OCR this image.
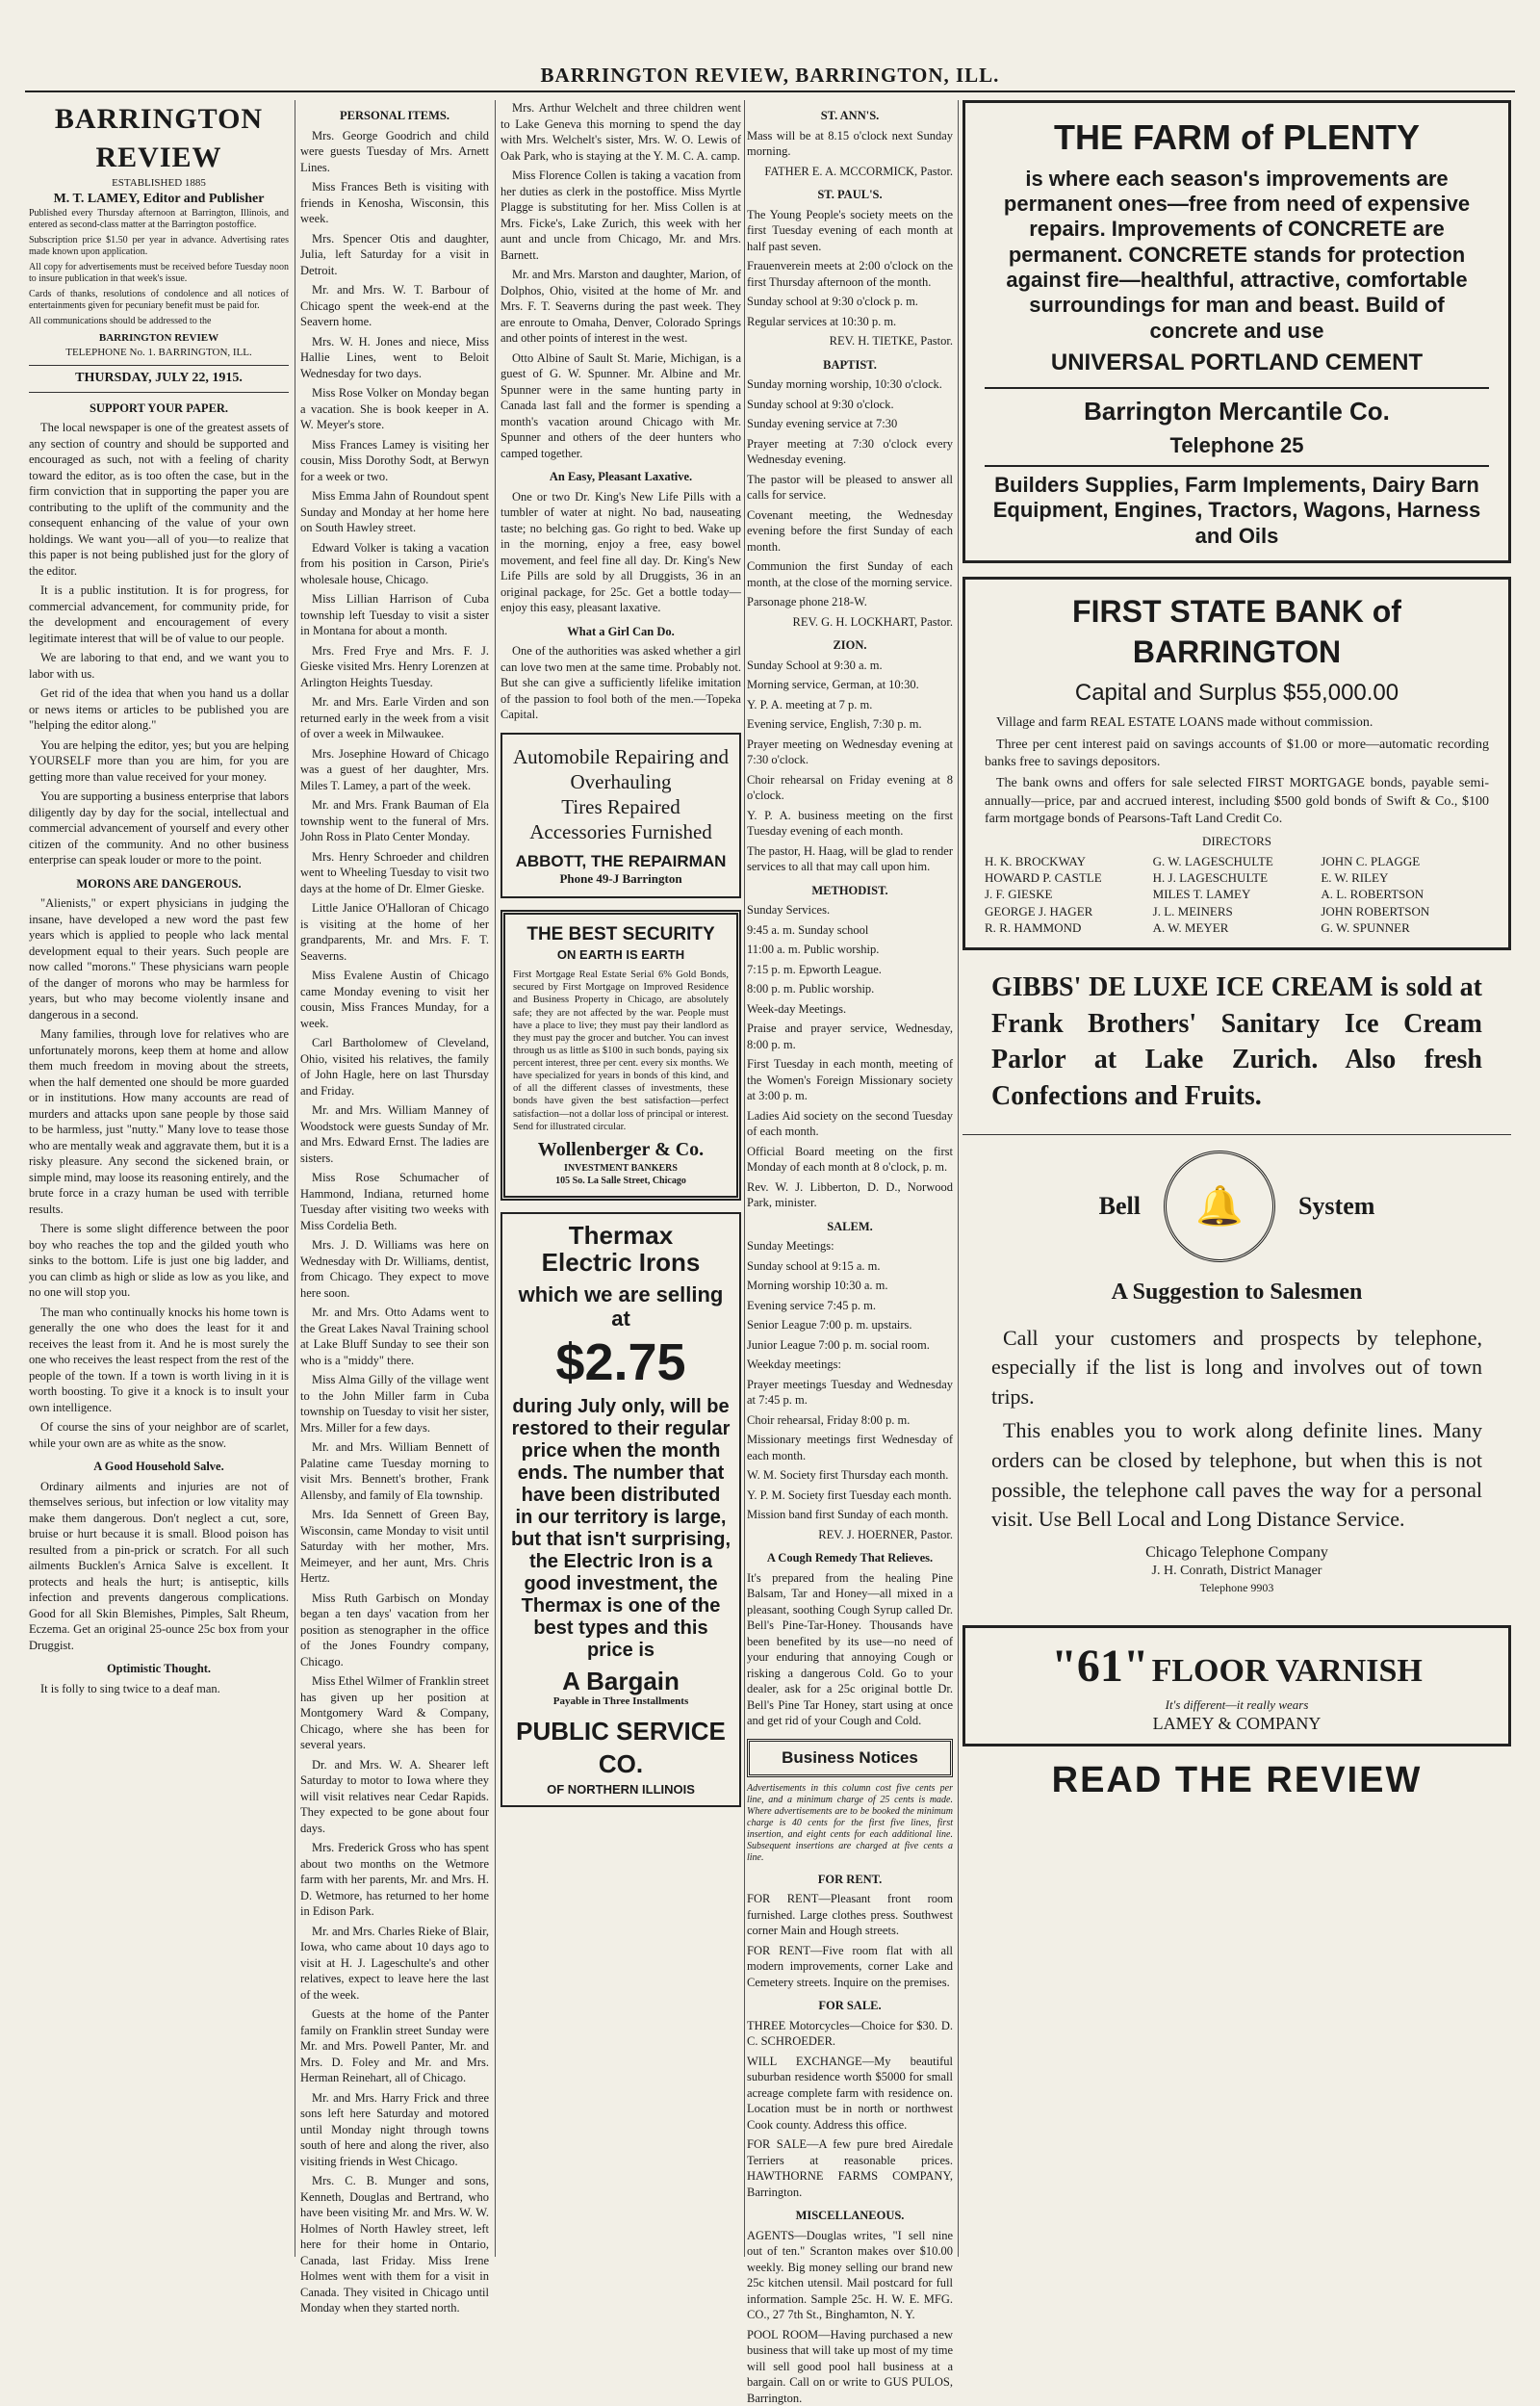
BARRINGTON REVIEW, BARRINGTON, ILL.
BARRINGTON REVIEW
ESTABLISHED 1885
M. T. LAMEY, Editor and Publisher

Published every Thursday afternoon at Barrington, Illinois, and entered as second-class matter at the Barrington postoffice.

Subscription price $1.50 per year in advance. Advertising rates made known upon application.

All copy for advertisements must be received before Tuesday noon to insure publication in that week's issue.

Cards of thanks, resolutions of condolence and all notices of entertainments given for pecuniary benefit must be paid for.

All communications should be addressed to the

BARRINGTON REVIEW
TELEPHONE No. 1. BARRINGTON, ILL.
THURSDAY, JULY 22, 1915.
SUPPORT YOUR PAPER.

The local newspaper is one of the greatest assets of any section of country and should be supported and encouraged as such, not with a feeling of charity toward the editor, as is too often the case, but in the firm conviction that in supporting the paper you are contributing to the uplift of the community and the consequent enhancing of the value of your own holdings. We want you—all of you—to realize that this paper is not being published just for the glory of the editor.

It is a public institution. It is for progress, for commercial advancement, for community pride, for the development and encouragement of every legitimate interest that will be of value to our people.

We are laboring to that end, and we want you to labor with us.

Get rid of the idea that when you hand us a dollar or news items or articles to be published you are "helping the editor along."

You are helping the editor, yes; but you are helping YOURSELF more than you are him, for you are getting more than value received for your money.

You are supporting a business enterprise that labors diligently day by day for the social, intellectual and commercial advancement of yourself and every other citizen of the community. And no other business enterprise can speak louder or more to the point.

MORONS ARE DANGEROUS.

"Alienists," or expert physicians in judging the insane, have developed a new word the past few years which is applied to people who lack mental development equal to their years. Such people are now called "morons." These physicians warn people of the danger of morons who may be harmless for years, but who may become violently insane and dangerous in a second.

Many families, through love for relatives who are unfortunately morons, keep them at home and allow them much freedom in moving about the streets, when the half demented one should be more guarded or in institutions. How many accounts are read of murders and attacks upon sane people by those said to be harmless, just "nutty." Many love to tease those who are mentally weak and aggravate them, but it is a risky pleasure. Any second the sickened brain, or simple mind, may loose its reasoning entirely, and the brute force in a crazy human be used with terrible results.

There is some slight difference between the poor boy who reaches the top and the gilded youth who sinks to the bottom. Life is just one big ladder, and you can climb as high or slide as low as you like, and no one will stop you.

The man who continually knocks his home town is generally the one who does the least for it and receives the least from it. And he is most surely the one who receives the least respect from the rest of the people of the town. If a town is worth living in it is worth boosting. To give it a knock is to insult your own intelligence.

Of course the sins of your neighbor are of scarlet, while your own are as white as the snow.

A Good Household Salve.

Ordinary ailments and injuries are not of themselves serious, but infection or low vitality may make them dangerous. Don't neglect a cut, sore, bruise or hurt because it is small. Blood poison has resulted from a pin-prick or scratch. For all such ailments Bucklen's Arnica Salve is excellent. It protects and heals the hurt; is antiseptic, kills infection and prevents dangerous complications. Good for all Skin Blemishes, Pimples, Salt Rheum, Eczema. Get an original 25-ounce 25c box from your Druggist.

Optimistic Thought.

It is folly to sing twice to a deaf man.

PERSONAL ITEMS.

Mrs. George Goodrich and child were guests Tuesday of Mrs. Arnett Lines.

Miss Frances Beth is visiting with friends in Kenosha, Wisconsin, this week.

Mrs. Spencer Otis and daughter, Julia, left Saturday for a visit in Detroit.

Mr. and Mrs. W. T. Barbour of Chicago spent the week-end at the Seavern home.

Mrs. W. H. Jones and niece, Miss Hallie Lines, went to Beloit Wednesday for two days.

Miss Rose Volker on Monday began a vacation. She is book keeper in A. W. Meyer's store.

Miss Frances Lamey is visiting her cousin, Miss Dorothy Sodt, at Berwyn for a week or two.

Miss Emma Jahn of Roundout spent Sunday and Monday at her home here on South Hawley street.

Edward Volker is taking a vacation from his position in Carson, Pirie's wholesale house, Chicago.

Miss Lillian Harrison of Cuba township left Tuesday to visit a sister in Montana for about a month.

Mrs. Fred Frye and Mrs. F. J. Gieske visited Mrs. Henry Lorenzen at Arlington Heights Tuesday.

Mr. and Mrs. Earle Virden and son returned early in the week from a visit of over a week in Milwaukee.

Mrs. Josephine Howard of Chicago was a guest of her daughter, Mrs. Miles T. Lamey, a part of the week.

Mr. and Mrs. Frank Bauman of Ela township went to the funeral of Mrs. John Ross in Plato Center Monday.

Mrs. Henry Schroeder and children went to Wheeling Tuesday to visit two days at the home of Dr. Elmer Gieske.

Little Janice O'Halloran of Chicago is visiting at the home of her grandparents, Mr. and Mrs. F. T. Seaverns.

Miss Evalene Austin of Chicago came Monday evening to visit her cousin, Miss Frances Munday, for a week.

Carl Bartholomew of Cleveland, Ohio, visited his relatives, the family of John Hagle, here on last Thursday and Friday.

Mr. and Mrs. William Manney of Woodstock were guests Sunday of Mr. and Mrs. Edward Ernst. The ladies are sisters.

Miss Rose Schumacher of Hammond, Indiana, returned home Tuesday after visiting two weeks with Miss Cordelia Beth.

Mrs. J. D. Williams was here on Wednesday with Dr. Williams, dentist, from Chicago. They expect to move here soon.

Mr. and Mrs. Otto Adams went to the Great Lakes Naval Training school at Lake Bluff Sunday to see their son who is a "middy" there.

Miss Alma Gilly of the village went to the John Miller farm in Cuba township on Tuesday to visit her sister, Mrs. Miller for a few days.

Mr. and Mrs. William Bennett of Palatine came Tuesday morning to visit Mrs. Bennett's brother, Frank Allensby, and family of Ela township.

Mrs. Ida Sennett of Green Bay, Wisconsin, came Monday to visit until Saturday with her mother, Mrs. Meimeyer, and her aunt, Mrs. Chris Hertz.

Miss Ruth Garbisch on Monday began a ten days' vacation from her position as stenographer in the office of the Jones Foundry company, Chicago.

Miss Ethel Wilmer of Franklin street has given up her position at Montgomery Ward & Company, Chicago, where she has been for several years.

Dr. and Mrs. W. A. Shearer left Saturday to motor to Iowa where they will visit relatives near Cedar Rapids. They expected to be gone about four days.

Mrs. Frederick Gross who has spent about two months on the Wetmore farm with her parents, Mr. and Mrs. H. D. Wetmore, has returned to her home in Edison Park.

Mr. and Mrs. Charles Rieke of Blair, Iowa, who came about 10 days ago to visit at H. J. Lageschulte's and other relatives, expect to leave here the last of the week.

Guests at the home of the Panter family on Franklin street Sunday were Mr. and Mrs. Powell Panter, Mr. and Mrs. D. Foley and Mr. and Mrs. Herman Reinehart, all of Chicago.

Mr. and Mrs. Harry Frick and three sons left here Saturday and motored until Monday night through towns south of here and along the river, also visiting friends in West Chicago.

Mrs. C. B. Munger and sons, Kenneth, Douglas and Bertrand, who have been visiting Mr. and Mrs. W. W. Holmes of North Hawley street, left here for their home in Ontario, Canada, last Friday. Miss Irene Holmes went with them for a visit in Canada. They visited in Chicago until Monday when they started north.

Mrs. Arthur Welchelt and three children went to Lake Geneva this morning to spend the day with Mrs. Welchelt's sister, Mrs. W. O. Lewis of Oak Park, who is staying at the Y. M. C. A. camp.

Miss Florence Collen is taking a vacation from her duties as clerk in the postoffice. Miss Myrtle Plagge is substituting for her. Miss Collen is at Mrs. Ficke's, Lake Zurich, this week with her aunt and uncle from Chicago, Mr. and Mrs. Barnett.

Mr. and Mrs. Marston and daughter, Marion, of Dolphos, Ohio, visited at the home of Mr. and Mrs. F. T. Seaverns during the past week. They are enroute to Omaha, Denver, Colorado Springs and other points of interest in the west.

Otto Albine of Sault St. Marie, Michigan, is a guest of G. W. Spunner. Mr. Albine and Mr. Spunner were in the same hunting party in Canada last fall and the former is spending a month's vacation around Chicago with Mr. Spunner and others of the deer hunters who camped together.

An Easy, Pleasant Laxative.

One or two Dr. King's New Life Pills with a tumbler of water at night. No bad, nauseating taste; no belching gas. Go right to bed. Wake up in the morning, enjoy a free, easy bowel movement, and feel fine all day. Dr. King's New Life Pills are sold by all Druggists, 36 in an original package, for 25c. Get a bottle today—enjoy this easy, pleasant laxative.

What a Girl Can Do.

One of the authorities was asked whether a girl can love two men at the same time. Probably not. But she can give a sufficiently lifelike imitation of the passion to fool both of the men.—Topeka Capital.

Automobile Repairing and Overhauling
Tires Repaired
Accessories Furnished
ABBOTT, THE REPAIRMAN
Phone 49-J Barrington
THE BEST SECURITY
ON EARTH IS EARTH

First Mortgage Real Estate Serial 6% Gold Bonds, secured by First Mortgage on Improved Residence and Business Property in Chicago, are absolutely safe; they are not affected by the war. People must have a place to live; they must pay their landlord as they must pay the grocer and butcher. You can invest through us as little as $100 in such bonds, paying six percent interest, three per cent. every six months. We have specialized for years in bonds of this kind, and of all the different classes of investments, these bonds have given the best satisfaction—perfect satisfaction—not a dollar loss of principal or interest. Send for illustrated circular.

Wollenberger & Co.
INVESTMENT BANKERS
105 So. La Salle Street, Chicago
Thermax
Electric Irons
which we are selling at
$2.75
during July only, will be restored to their regular price when the month ends. The number that have been distributed in our territory is large, but that isn't surprising, the Electric Iron is a good investment, the Thermax is one of the best types and this price is
A Bargain
Payable in Three Installments
PUBLIC SERVICE CO.
OF NORTHERN ILLINOIS
ST. ANN'S.

Mass will be at 8.15 o'clock next Sunday morning.

FATHER E. A. MCCORMICK, Pastor.

ST. PAUL'S.

The Young People's society meets on the first Tuesday evening of each month at half past seven.

Frauenverein meets at 2:00 o'clock on the first Thursday afternoon of the month.

Sunday school at 9:30 o'clock p. m.

Regular services at 10:30 p. m.

REV. H. TIETKE, Pastor.

BAPTIST.

Sunday morning worship, 10:30 o'clock.

Sunday school at 9:30 o'clock.

Sunday evening service at 7:30

Prayer meeting at 7:30 o'clock every Wednesday evening.

The pastor will be pleased to answer all calls for service.

Covenant meeting, the Wednesday evening before the first Sunday of each month.

Communion the first Sunday of each month, at the close of the morning service.

Parsonage phone 218-W.

REV. G. H. LOCKHART, Pastor.

ZION.

Sunday School at 9:30 a. m.

Morning service, German, at 10:30.

Y. P. A. meeting at 7 p. m.

Evening service, English, 7:30 p. m.

Prayer meeting on Wednesday evening at 7:30 o'clock.

Choir rehearsal on Friday evening at 8 o'clock.

Y. P. A. business meeting on the first Tuesday evening of each month.

The pastor, H. Haag, will be glad to render services to all that may call upon him.

METHODIST.

Sunday Services.

9:45 a. m. Sunday school

11:00 a. m. Public worship.

7:15 p. m. Epworth League.

8:00 p. m. Public worship.

Week-day Meetings.

Praise and prayer service, Wednesday, 8:00 p. m.

First Tuesday in each month, meeting of the Women's Foreign Missionary society at 3:00 p. m.

Ladies Aid society on the second Tuesday of each month.

Official Board meeting on the first Monday of each month at 8 o'clock, p. m.

Rev. W. J. Libberton, D. D., Norwood Park, minister.

SALEM.

Sunday Meetings:

Sunday school at 9:15 a. m.

Morning worship 10:30 a. m.

Evening service 7:45 p. m.

Senior League 7:00 p. m. upstairs.

Junior League 7:00 p. m. social room.

Weekday meetings:

Prayer meetings Tuesday and Wednesday at 7:45 p. m.

Choir rehearsal, Friday 8:00 p. m.

Missionary meetings first Wednesday of each month.

W. M. Society first Thursday each month.

Y. P. M. Society first Tuesday each month.

Mission band first Sunday of each month.

REV. J. HOERNER, Pastor.

A Cough Remedy That Relieves.

It's prepared from the healing Pine Balsam, Tar and Honey—all mixed in a pleasant, soothing Cough Syrup called Dr. Bell's Pine-Tar-Honey. Thousands have been benefited by its use—no need of your enduring that annoying Cough or risking a dangerous Cold. Go to your dealer, ask for a 25c original bottle Dr. Bell's Pine Tar Honey, start using at once and get rid of your Cough and Cold.

Business Notices

Advertisements in this column cost five cents per line, and a minimum charge of 25 cents is made. Where advertisements are to be booked the minimum charge is 40 cents for the first five lines, first insertion, and eight cents for each additional line. Subsequent insertions are charged at five cents a line.

FOR RENT.

FOR RENT—Pleasant front room furnished. Large clothes press. Southwest corner Main and Hough streets.

FOR RENT—Five room flat with all modern improvements, corner Lake and Cemetery streets. Inquire on the premises.

FOR SALE.

THREE Motorcycles—Choice for $30. D. C. SCHROEDER.

WILL EXCHANGE—My beautiful suburban residence worth $5000 for small acreage complete farm with residence on. Location must be in north or northwest Cook county. Address this office.

FOR SALE—A few pure bred Airedale Terriers at reasonable prices. HAWTHORNE FARMS COMPANY, Barrington.

MISCELLANEOUS.

AGENTS—Douglas writes, "I sell nine out of ten." Scranton makes over $10.00 weekly. Big money selling our brand new 25c kitchen utensil. Mail postcard for full information. Sample 25c. H. W. E. MFG. CO., 27 7th St., Binghamton, N. Y.

POOL ROOM—Having purchased a new business that will take up most of my time will sell good pool hall business at a bargain. Call on or write to GUS PULOS, Barrington.

THE FARM of PLENTY
is where each season's improvements are permanent ones—free from need of expensive repairs. Improvements of CONCRETE are permanent. CONCRETE stands for protection against fire—healthful, attractive, comfortable surroundings for man and beast. Build of concrete and use
UNIVERSAL PORTLAND CEMENT
Barrington Mercantile Co.
Telephone 25
Builders Supplies, Farm Implements, Dairy Barn Equipment, Engines, Tractors, Wagons, Harness and Oils
FIRST STATE BANK of BARRINGTON
Capital and Surplus $55,000.00

Village and farm REAL ESTATE LOANS made without commission.

Three per cent interest paid on savings accounts of $1.00 or more—automatic recording banks free to savings depositors.

The bank owns and offers for sale selected FIRST MORTGAGE bonds, payable semi-annually—price, par and accrued interest, including $500 gold bonds of Swift & Co., $100 farm mortgage bonds of Pearsons-Taft Land Credit Co.

DIRECTORS
H. K. BROCKWAY	G. W. LAGESCHULTE	JOHN C. PLAGGE
HOWARD P. CASTLE	H. J. LAGESCHULTE	E. W. RILEY
J. F. GIESKE	MILES T. LAMEY	A. L. ROBERTSON
GEORGE J. HAGER	J. L. MEINERS	JOHN ROBERTSON
R. R. HAMMOND	A. W. MEYER	G. W. SPUNNER
GIBBS' DE LUXE ICE CREAM is sold at Frank Brothers' Sanitary Ice Cream Parlor at Lake Zurich. Also fresh Confections and Fruits.
Bell	🔔	System
A Suggestion to Salesmen

Call your customers and prospects by telephone, especially if the list is long and involves out of town trips.

This enables you to work along definite lines. Many orders can be closed by telephone, but when this is not possible, the telephone call paves the way for a personal visit. Use Bell Local and Long Distance Service.

Chicago Telephone Company
J. H. Conrath, District Manager
Telephone 9903
"61" FLOOR VARNISH
It's different—it really wears
LAMEY & COMPANY
READ THE REVIEW
